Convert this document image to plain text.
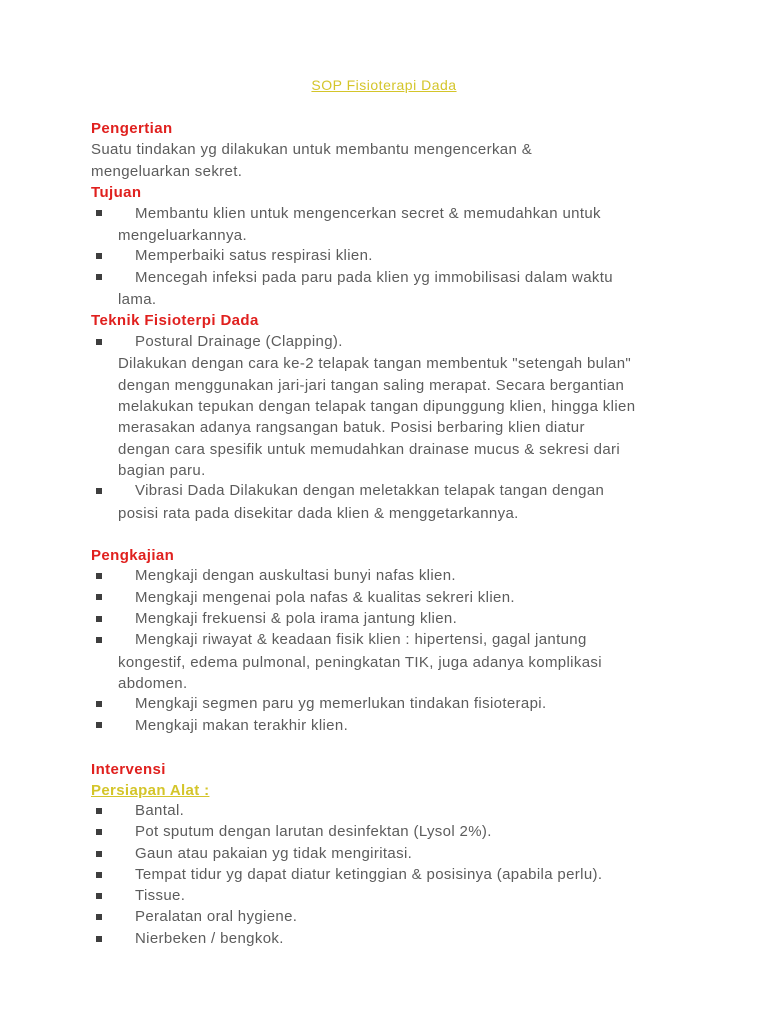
SOP Fisioterapi Dada
Pengertian
Suatu tindakan yg dilakukan untuk membantu mengencerkan &
mengeluarkan sekret.
Tujuan
Membantu klien untuk mengencerkan secret & memudahkan untuk
mengeluarkannya.
Memperbaiki satus respirasi klien.
Mencegah infeksi pada paru pada klien yg immobilisasi dalam waktu
lama.
Teknik Fisioterpi Dada
Postural Drainage (Clapping).
Dilakukan dengan cara ke-2 telapak tangan membentuk "setengah bulan"
dengan menggunakan jari-jari tangan saling merapat. Secara bergantian
melakukan tepukan dengan telapak tangan dipunggung klien, hingga klien
merasakan adanya rangsangan batuk. Posisi berbaring klien diatur
dengan cara spesifik untuk memudahkan drainase mucus & sekresi dari
bagian paru.
Vibrasi Dada Dilakukan dengan meletakkan telapak tangan dengan
posisi rata pada disekitar dada klien & menggetarkannya.
Pengkajian
Mengkaji dengan auskultasi bunyi nafas klien.
Mengkaji mengenai pola nafas & kualitas sekreri klien.
Mengkaji frekuensi & pola irama jantung klien.
Mengkaji riwayat & keadaan fisik klien : hipertensi, gagal jantung
kongestif, edema pulmonal, peningkatan TIK, juga adanya komplikasi
abdomen.
Mengkaji segmen paru yg memerlukan tindakan fisioterapi.
Mengkaji makan terakhir klien.
Intervensi
Persiapan Alat :
Bantal.
Pot sputum dengan larutan desinfektan (Lysol 2%).
Gaun atau pakaian yg tidak mengiritasi.
Tempat tidur yg dapat diatur ketinggian & posisinya (apabila perlu).
Tissue.
Peralatan oral hygiene.
Nierbeken / bengkok.
